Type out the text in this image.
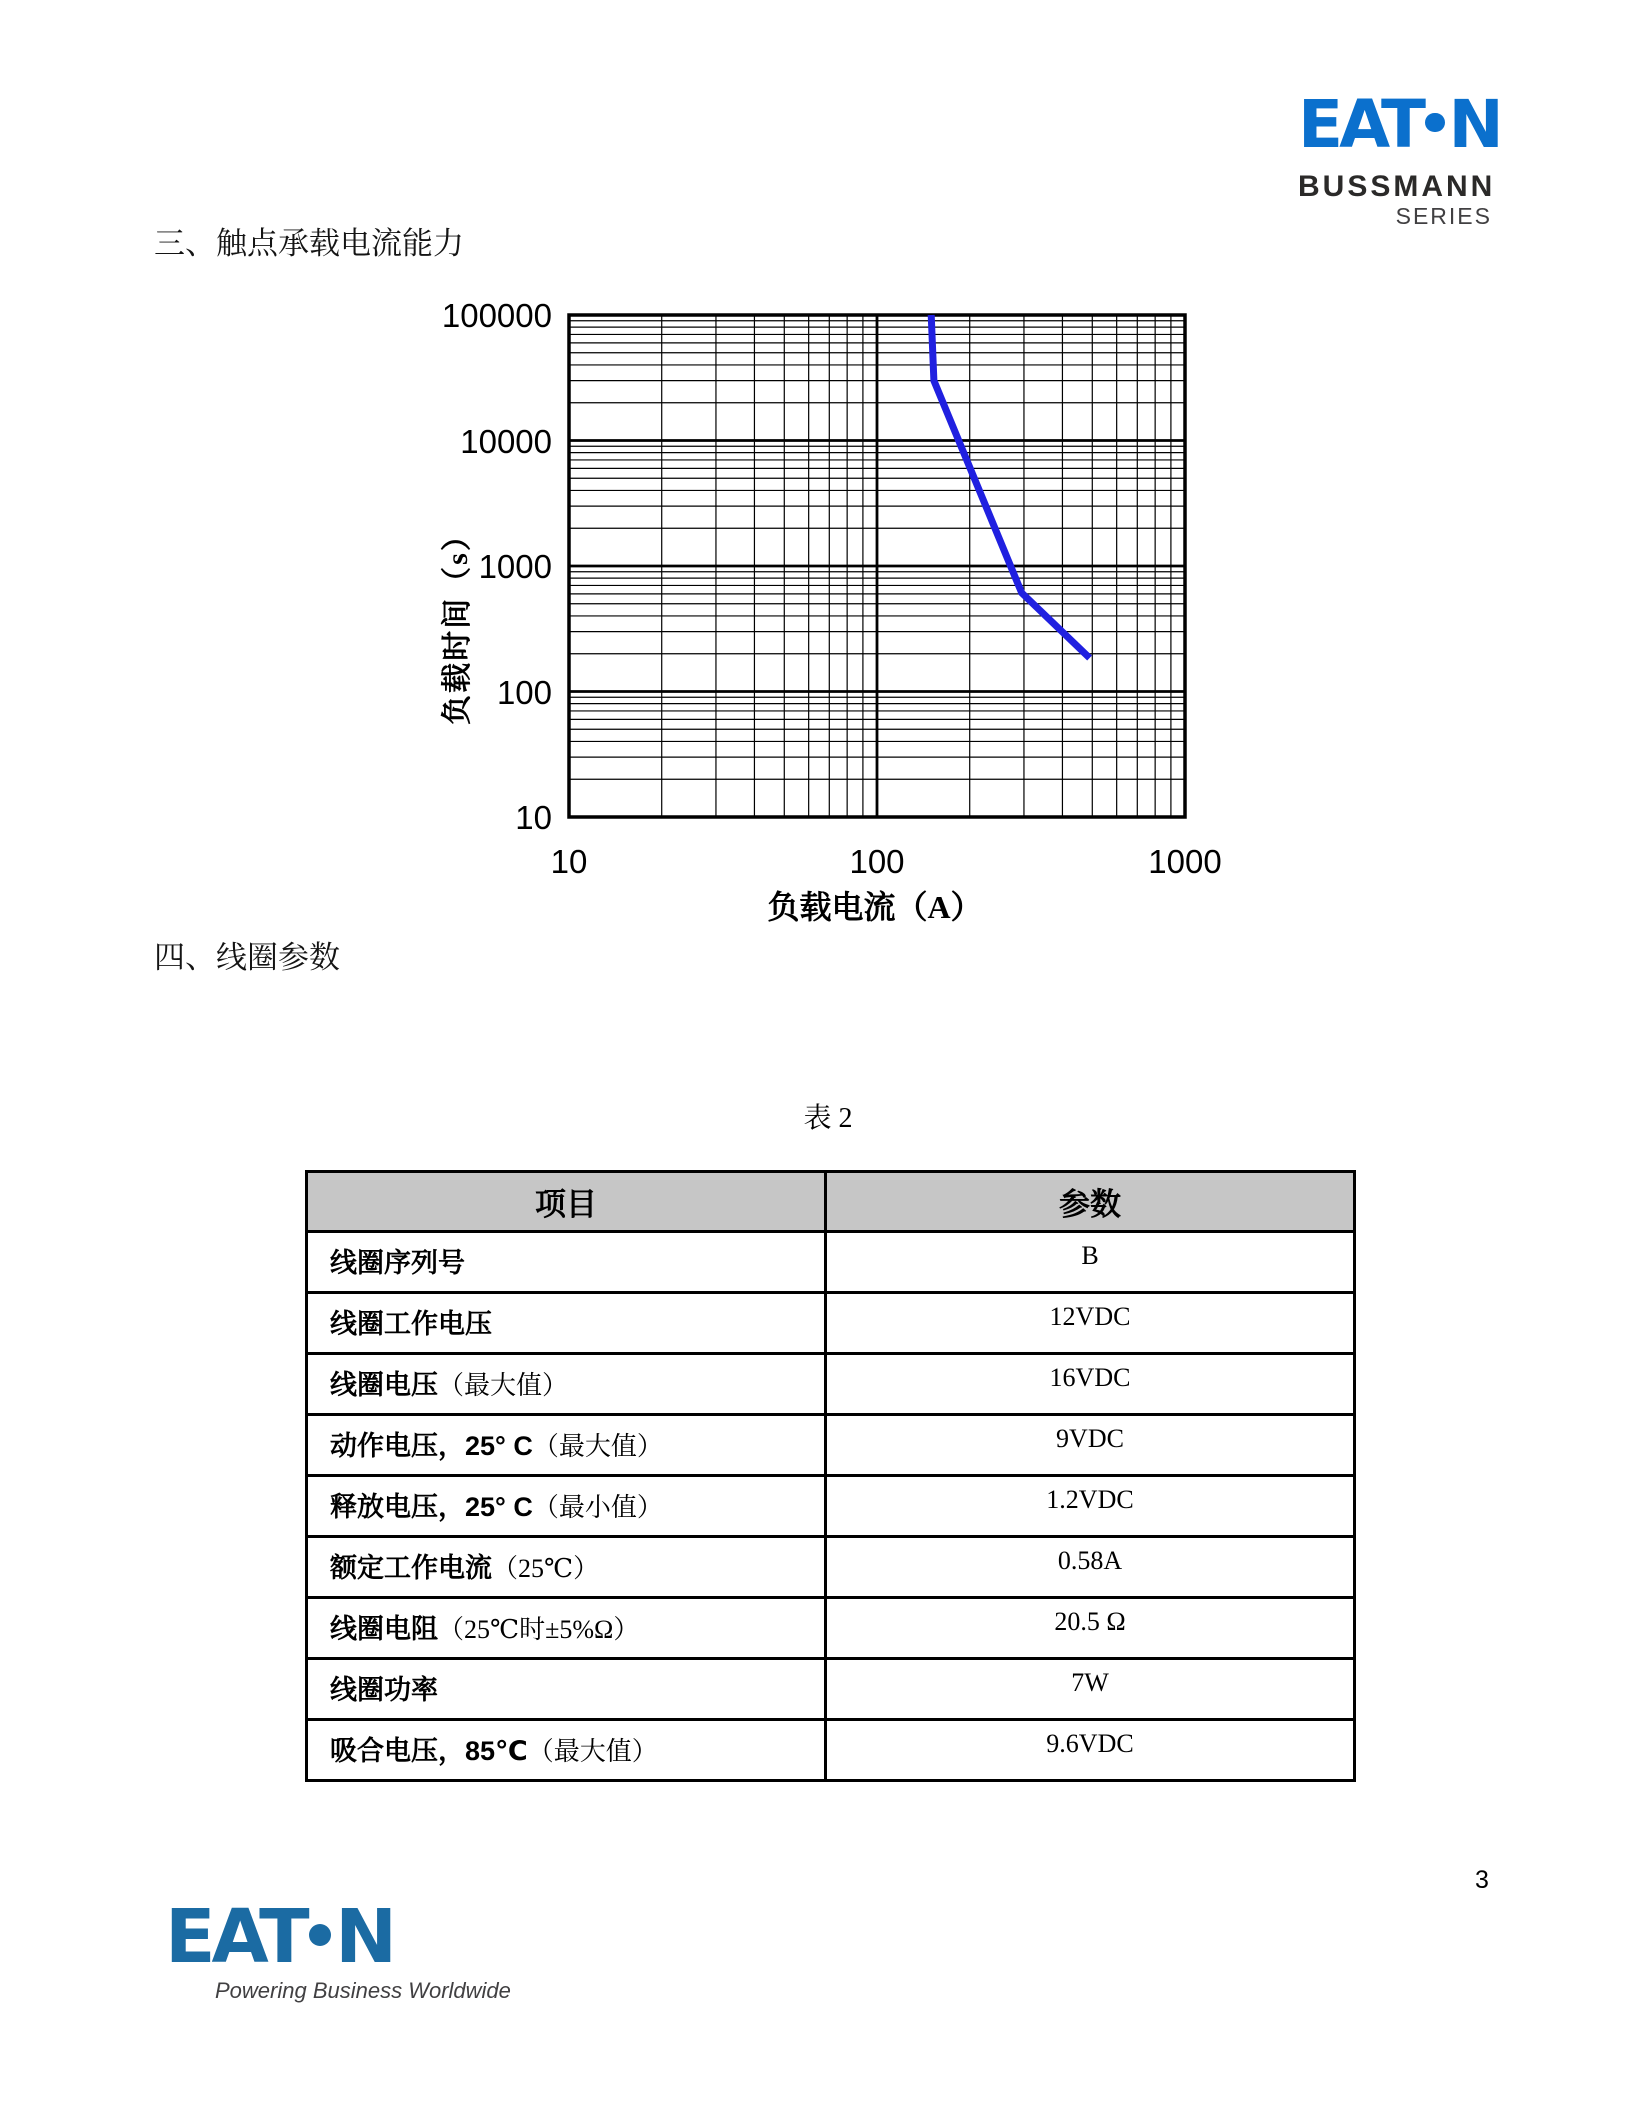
EAT N
BUSSMANN
SERIES
三、触点承载电流能力
100000
10000
1000
100
10
10	100	1000
负载时间（s）
负载电流（A）
四、线圈参数
表 2
项目	参数
线圈序列号	B
线圈工作电压	12VDC
线圈电压（最大值）	16VDC
动作电压，25° C（最大值）	9VDC
释放电压，25° C（最小值）	1.2VDC
额定工作电流（25℃）	0.58A
线圈电阻（25℃时±5%Ω）	20.5 Ω
线圈功率	7W
吸合电压，85℃（最大值）	9.6VDC
3
EAT N
Powering Business Worldwide
